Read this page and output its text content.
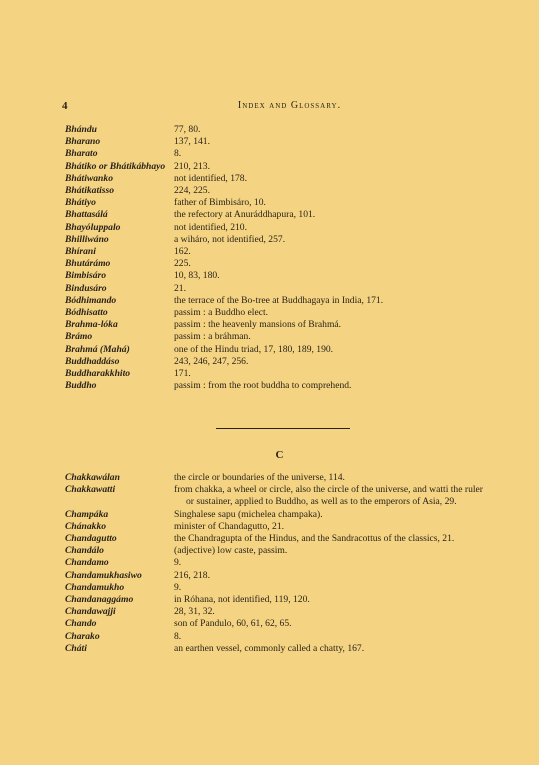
4	Index and Glossary.
Bhándu	77, 80.
Bharano	137, 141.
Bharato	8.
Bhátiko or Bhátikábhayo 210, 213.
Bhátiwanko	not identified, 178.
Bhátikatisso	224, 225.
Bhátiyo	father of Bimbisáro, 10.
Bhattasálá	the refectory at Anuráddhapura, 101.
Bhayóluppalo	not identified, 210.
Bhilliwáno	a wiháro, not identified, 257.
Bhírani	162.
Bhutárámo	225.
Bimbisáro	10, 83, 180.
Bindusáro	21.
Bódhimando	the terrace of the Bo-tree at Buddhagaya in India, 171.
Bódhisatto	passim : a Buddho elect.
Brahma-lóka	passim : the heavenly mansions of Brahmá.
Brámo	passim : a bráhman.
Brahmá (Mahá)	one of the Hindu triad, 17, 180, 189, 190.
Buddhaddáso	243, 246, 247, 256.
Buddharakkhito	171.
Buddho	passim : from the root buddha to comprehend.
C
Chakkawálan	the circle or boundaries of the universe, 114.
Chakkawatti	from chakka, a wheel or circle, also the circle of the universe, and watti the ruler
or sustainer, applied to Buddho, as well as to the emperors of Asia, 29.
Champáka	Singhalese sapu (michelea champaka).
Chánakko	minister of Chandagutto, 21.
Chandagutto	the Chandragupta of the Hindus, and the Sandracottus of the classics, 21.
Chandálo	(adjective) low caste, passim.
Chandamo	9.
Chandamukhasiwo	216, 218.
Chandamukho	9.
Chandanaggámo	in Róhana, not identified, 119, 120.
Chandawajji	28, 31, 32.
Chando	son of Pandulo, 60, 61, 62, 65.
Charako	8.
Cháti	an earthen vessel, commonly called a chatty, 167.
